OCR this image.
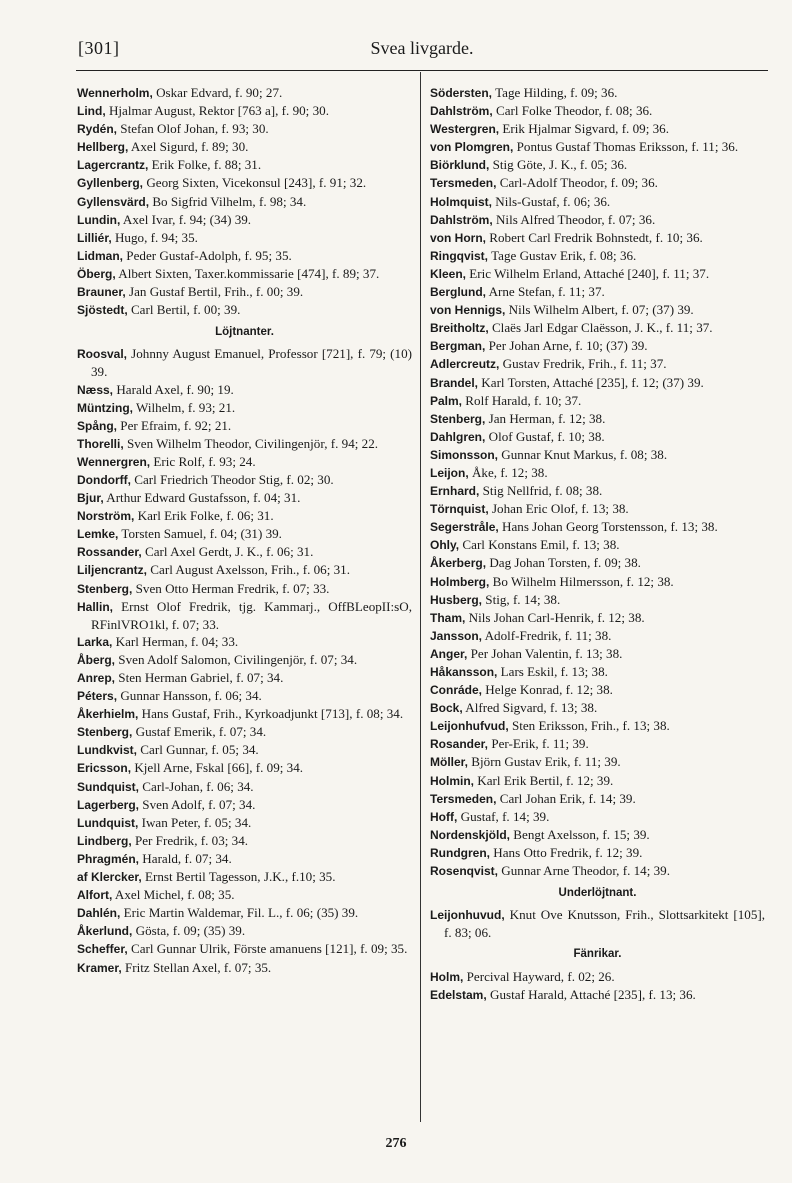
[301]	Svea livgarde.
Wennerholm, Oskar Edvard, f. 90; 27.
Lind, Hjalmar August, Rektor [763 a], f. 90; 30.
Rydén, Stefan Olof Johan, f. 93; 30.
Hellberg, Axel Sigurd, f. 89; 30.
Lagercrantz, Erik Folke, f. 88; 31.
Gyllenberg, Georg Sixten, Vicekonsul [243], f. 91; 32.
Gyllensvärd, Bo Sigfrid Vilhelm, f. 98; 34.
Lundin, Axel Ivar, f. 94; (34) 39.
Lilliér, Hugo, f. 94; 35.
Lidman, Peder Gustaf-Adolph, f. 95; 35.
Öberg, Albert Sixten, Taxer.kommissarie [474], f. 89; 37.
Brauner, Jan Gustaf Bertil, Frih., f. 00; 39.
Sjöstedt, Carl Bertil, f. 00; 39.
Löjtnanter.
Roosval, Johnny August Emanuel, Professor [721], f. 79; (10) 39.
Næss, Harald Axel, f. 90; 19.
Müntzing, Wilhelm, f. 93; 21.
Spång, Per Efraim, f. 92; 21.
Thorelli, Sven Wilhelm Theodor, Civilingenjör, f. 94; 22.
Wennergren, Eric Rolf, f. 93; 24.
Dondorff, Carl Friedrich Theodor Stig, f. 02; 30.
Bjur, Arthur Edward Gustafsson, f. 04; 31.
Norström, Karl Erik Folke, f. 06; 31.
Lemke, Torsten Samuel, f. 04; (31) 39.
Rossander, Carl Axel Gerdt, J. K., f. 06; 31.
Liljencrantz, Carl August Axelsson, Frih., f. 06; 31.
Stenberg, Sven Otto Herman Fredrik, f. 07; 33.
Hallin, Ernst Olof Fredrik, tjg. Kammarj., OffBLeopII:sO, RFinlVRO1kl, f. 07; 33.
Larka, Karl Herman, f. 04; 33.
Åberg, Sven Adolf Salomon, Civilingenjör, f. 07; 34.
Anrep, Sten Herman Gabriel, f. 07; 34.
Péters, Gunnar Hansson, f. 06; 34.
Åkerhielm, Hans Gustaf, Frih., Kyrkoadjunkt [713], f. 08; 34.
Stenberg, Gustaf Emerik, f. 07; 34.
Lundkvist, Carl Gunnar, f. 05; 34.
Ericsson, Kjell Arne, Fskal [66], f. 09; 34.
Sundquist, Carl-Johan, f. 06; 34.
Lagerberg, Sven Adolf, f. 07; 34.
Lundquist, Iwan Peter, f. 05; 34.
Lindberg, Per Fredrik, f. 03; 34.
Phragmén, Harald, f. 07; 34.
af Klercker, Ernst Bertil Tagesson, J.K., f.10; 35.
Alfort, Axel Michel, f. 08; 35.
Dahlén, Eric Martin Waldemar, Fil. L., f. 06; (35) 39.
Åkerlund, Gösta, f. 09; (35) 39.
Scheffer, Carl Gunnar Ulrik, Förste amanuens [121], f. 09; 35.
Kramer, Fritz Stellan Axel, f. 07; 35.
Södersten, Tage Hilding, f. 09; 36.
Dahlström, Carl Folke Theodor, f. 08; 36.
Westergren, Erik Hjalmar Sigvard, f. 09; 36.
von Plomgren, Pontus Gustaf Thomas Eriksson, f. 11; 36.
Biörklund, Stig Göte, J. K., f. 05; 36.
Tersmeden, Carl-Adolf Theodor, f. 09; 36.
Holmquist, Nils-Gustaf, f. 06; 36.
Dahlström, Nils Alfred Theodor, f. 07; 36.
von Horn, Robert Carl Fredrik Bohnstedt, f. 10; 36.
Ringqvist, Tage Gustav Erik, f. 08; 36.
Kleen, Eric Wilhelm Erland, Attaché [240], f. 11; 37.
Berglund, Arne Stefan, f. 11; 37.
von Hennigs, Nils Wilhelm Albert, f. 07; (37) 39.
Breitholtz, Claës Jarl Edgar Claësson, J. K., f. 11; 37.
Bergman, Per Johan Arne, f. 10; (37) 39.
Adlercreutz, Gustav Fredrik, Frih., f. 11; 37.
Brandel, Karl Torsten, Attaché [235], f. 12; (37) 39.
Palm, Rolf Harald, f. 10; 37.
Stenberg, Jan Herman, f. 12; 38.
Dahlgren, Olof Gustaf, f. 10; 38.
Simonsson, Gunnar Knut Markus, f. 08; 38.
Leijon, Åke, f. 12; 38.
Ernhard, Stig Nellfrid, f. 08; 38.
Törnquist, Johan Eric Olof, f. 13; 38.
Segerstråle, Hans Johan Georg Torstensson, f. 13; 38.
Ohly, Carl Konstans Emil, f. 13; 38.
Åkerberg, Dag Johan Torsten, f. 09; 38.
Holmberg, Bo Wilhelm Hilmersson, f. 12; 38.
Husberg, Stig, f. 14; 38.
Tham, Nils Johan Carl-Henrik, f. 12; 38.
Jansson, Adolf-Fredrik, f. 11; 38.
Anger, Per Johan Valentin, f. 13; 38.
Håkansson, Lars Eskil, f. 13; 38.
Conráde, Helge Konrad, f. 12; 38.
Bock, Alfred Sigvard, f. 13; 38.
Leijonhufvud, Sten Eriksson, Frih., f. 13; 38.
Rosander, Per-Erik, f. 11; 39.
Möller, Björn Gustav Erik, f. 11; 39.
Holmin, Karl Erik Bertil, f. 12; 39.
Tersmeden, Carl Johan Erik, f. 14; 39.
Hoff, Gustaf, f. 14; 39.
Nordenskjöld, Bengt Axelsson, f. 15; 39.
Rundgren, Hans Otto Fredrik, f. 12; 39.
Rosenqvist, Gunnar Arne Theodor, f. 14; 39.
Underlöjtnant.
Leijonhuvud, Knut Ove Knutsson, Frih., Slottsarkitekt [105], f. 83; 06.
Fänrikar.
Holm, Percival Hayward, f. 02; 26.
Edelstam, Gustaf Harald, Attaché [235], f. 13; 36.
276
